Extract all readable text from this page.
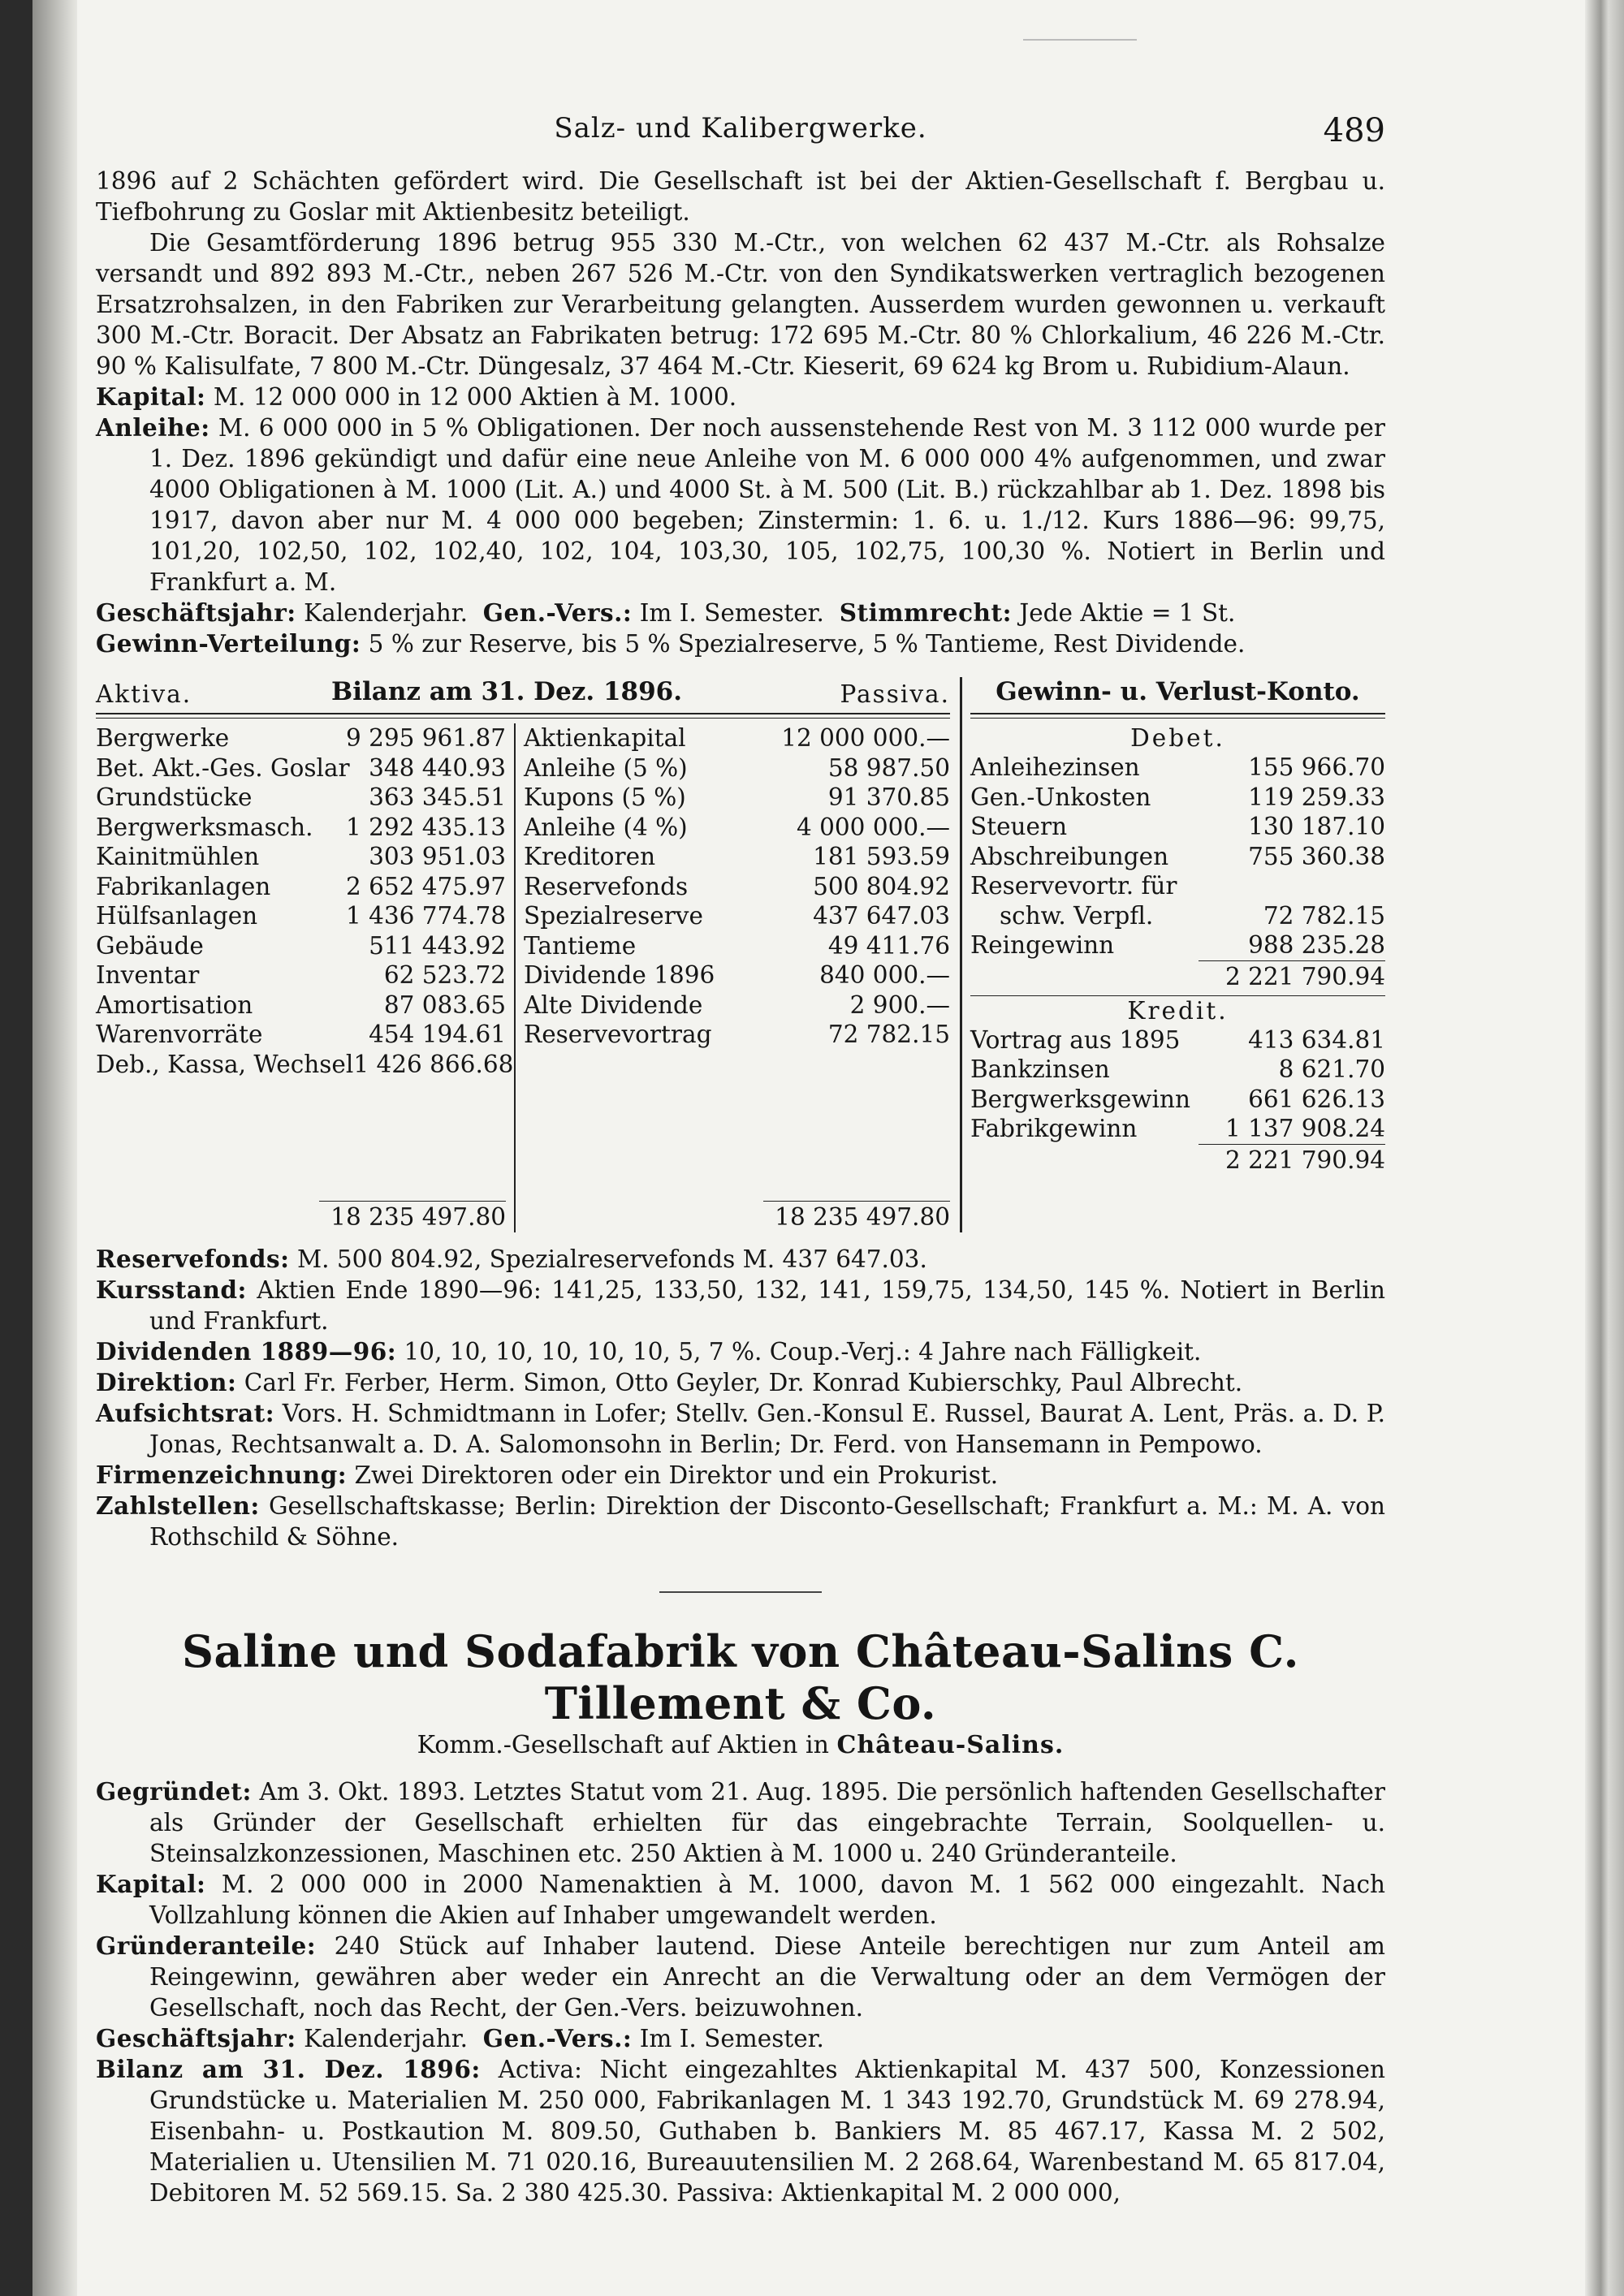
Salz- und Kalibergwerke.	489

1896 auf 2 Schächten gefördert wird. Die Gesellschaft ist bei der Aktien-Gesellschaft f. Bergbau u. Tiefbohrung zu Goslar mit Aktienbesitz beteiligt.

Die Gesamtförderung 1896 betrug 955 330 M.-Ctr., von welchen 62 437 M.-Ctr. als Rohsalze versandt und 892 893 M.-Ctr., neben 267 526 M.-Ctr. von den Syndikatswerken vertraglich bezogenen Ersatzrohsalzen, in den Fabriken zur Verarbeitung gelangten. Ausserdem wurden gewonnen u. verkauft 300 M.-Ctr. Boracit. Der Absatz an Fabrikaten betrug: 172 695 M.-Ctr. 80 % Chlorkalium, 46 226 M.-Ctr. 90 % Kalisulfate, 7 800 M.-Ctr. Düngesalz, 37 464 M.-Ctr. Kieserit, 69 624 kg Brom u. Rubidium-Alaun.

Kapital: M. 12 000 000 in 12 000 Aktien à M. 1000.

Anleihe: M. 6 000 000 in 5 % Obligationen. Der noch aussenstehende Rest von M. 3 112 000 wurde per 1. Dez. 1896 gekündigt und dafür eine neue Anleihe von M. 6 000 000 4% aufgenommen, und zwar 4000 Obligationen à M. 1000 (Lit. A.) und 4000 St. à M. 500 (Lit. B.) rückzahlbar ab 1. Dez. 1898 bis 1917, davon aber nur M. 4 000 000 begeben; Zinstermin: 1. 6. u. 1./12. Kurs 1886—96: 99,75, 101,20, 102,50, 102, 102,40, 102, 104, 103,30, 105, 102,75, 100,30 %. Notiert in Berlin und Frankfurt a. M.

Geschäftsjahr: Kalenderjahr. Gen.-Vers.: Im I. Semester. Stimmrecht: Jede Aktie = 1 St.

Gewinn-Verteilung: 5 % zur Reserve, bis 5 % Spezialreserve, 5 % Tantieme, Rest Dividende.

Aktiva.	Bilanz am 31. Dez. 1896.	Passiva.
Bergwerke	9 295 961.87
Bet. Akt.-Ges. Goslar 348 440.93
Grundstücke	363 345.51
Bergwerksmasch. 1 292 435.13
Kainitmühlen	303 951.03
Fabrikanlagen	2 652 475.97
Hülfsanlagen	1 436 774.78
Gebäude	511 443.92
Inventar	62 523.72
Amortisation	87 083.65
Warenvorräte	454 194.61
Deb., Kassa, Wechsel 1 426 866.68
18 235 497.80
Aktienkapital	12 000 000.—
Anleihe (5 %)	58 987.50
Kupons (5 %)	91 370.85
Anleihe (4 %)	4 000 000.—
Kreditoren	181 593.59
Reservefonds	500 804.92
Spezialreserve	437 647.03
Tantieme	49 411.76
Dividende 1896	840 000.—
Alte Dividende	2 900.—
Reservevortrag	72 782.15
18 235 497.80
Gewinn- u. Verlust-Konto.
Debet.
Anleihezinsen	155 966.70
Gen.-Unkosten	119 259.33
Steuern	130 187.10
Abschreibungen	755 360.38
Reservevortr. für
schw. Verpfl.	72 782.15
Reingewinn	988 235.28
2 221 790.94
Kredit.
Vortrag aus 1895	413 634.81
Bankzinsen	8 621.70
Bergwerksgewinn 661 626.13
Fabrikgewinn	1 137 908.24
2 221 790.94

Reservefonds: M. 500 804.92, Spezialreservefonds M. 437 647.03.

Kursstand: Aktien Ende 1890—96: 141,25, 133,50, 132, 141, 159,75, 134,50, 145 %. Notiert in Berlin und Frankfurt.

Dividenden 1889—96: 10, 10, 10, 10, 10, 10, 5, 7 %. Coup.-Verj.: 4 Jahre nach Fälligkeit.

Direktion: Carl Fr. Ferber, Herm. Simon, Otto Geyler, Dr. Konrad Kubierschky, Paul Albrecht.

Aufsichtsrat: Vors. H. Schmidtmann in Lofer; Stellv. Gen.-Konsul E. Russel, Baurat A. Lent, Präs. a. D. P. Jonas, Rechtsanwalt a. D. A. Salomonsohn in Berlin; Dr. Ferd. von Hansemann in Pempowo.

Firmenzeichnung: Zwei Direktoren oder ein Direktor und ein Prokurist.

Zahlstellen: Gesellschaftskasse; Berlin: Direktion der Disconto-Gesellschaft; Frankfurt a. M.: M. A. von Rothschild & Söhne.

Saline und Sodafabrik von Château-Salins C. Tillement & Co.
Komm.-Gesellschaft auf Aktien in Château-Salins.

Gegründet: Am 3. Okt. 1893. Letztes Statut vom 21. Aug. 1895. Die persönlich haftenden Gesellschafter als Gründer der Gesellschaft erhielten für das eingebrachte Terrain, Soolquellen- u. Steinsalzkonzessionen, Maschinen etc. 250 Aktien à M. 1000 u. 240 Gründeranteile.

Kapital: M. 2 000 000 in 2000 Namenaktien à M. 1000, davon M. 1 562 000 eingezahlt. Nach Vollzahlung können die Akien auf Inhaber umgewandelt werden.

Gründeranteile: 240 Stück auf Inhaber lautend. Diese Anteile berechtigen nur zum Anteil am Reingewinn, gewähren aber weder ein Anrecht an die Verwaltung oder an dem Vermögen der Gesellschaft, noch das Recht, der Gen.-Vers. beizuwohnen.

Geschäftsjahr: Kalenderjahr. Gen.-Vers.: Im I. Semester.

Bilanz am 31. Dez. 1896: Activa: Nicht eingezahltes Aktienkapital M. 437 500, Konzessionen Grundstücke u. Materialien M. 250 000, Fabrikanlagen M. 1 343 192.70, Grundstück M. 69 278.94, Eisenbahn- u. Postkaution M. 809.50, Guthaben b. Bankiers M. 85 467.17, Kassa M. 2 502, Materialien u. Utensilien M. 71 020.16, Bureauutensilien M. 2 268.64, Warenbestand M. 65 817.04, Debitoren M. 52 569.15. Sa. 2 380 425.30. Passiva: Aktienkapital M. 2 000 000,
